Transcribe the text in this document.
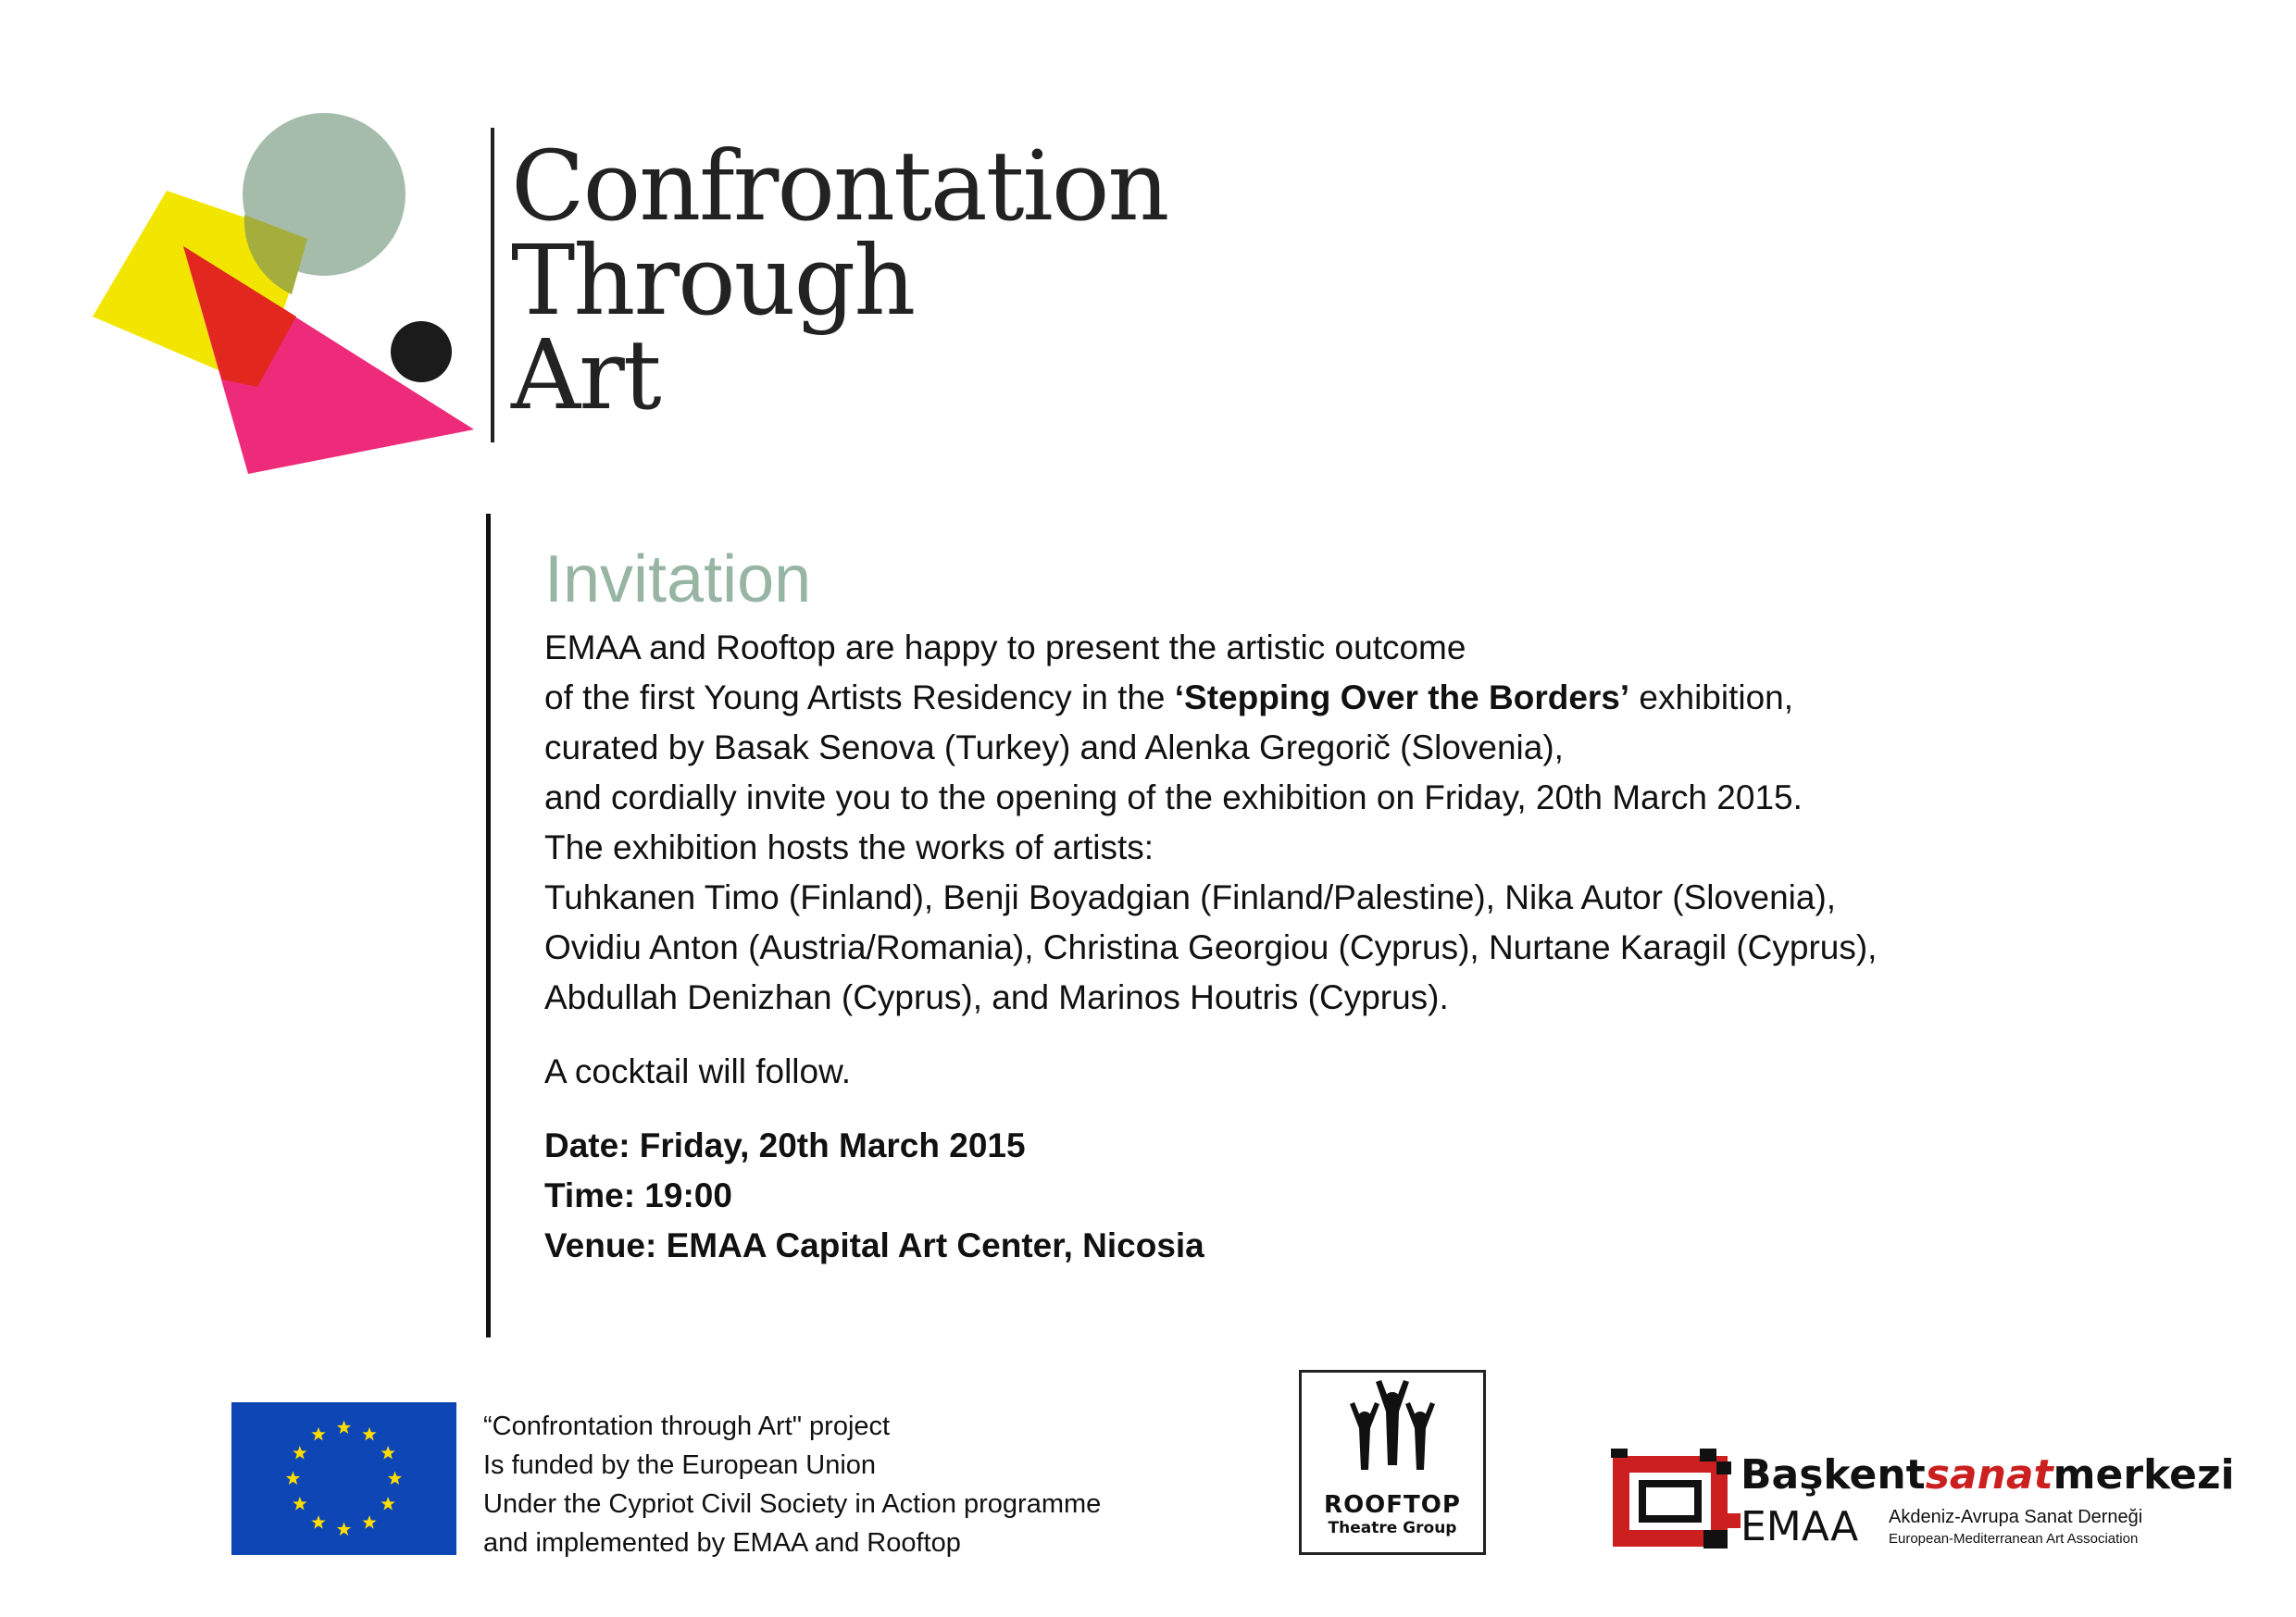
Confrontation
Through
Art
Invitation
EMAA and Rooftop are happy to present the artistic outcome
of the first Young Artists Residency in the ‘Stepping Over the Borders’ exhibition,
curated by Basak Senova (Turkey) and Alenka Gregorič (Slovenia),
and cordially invite you to the opening of the exhibition on Friday, 20th March 2015.
The exhibition hosts the works of artists:
Tuhkanen Timo (Finland), Benji Boyadgian (Finland/Palestine), Nika Autor (Slovenia),
Ovidiu Anton (Austria/Romania), Christina Georgiou (Cyprus), Nurtane Karagil (Cyprus),
Abdullah Denizhan (Cyprus), and Marinos Houtris (Cyprus).
A cocktail will follow.
Date: Friday, 20th March 2015
Time: 19:00
Venue: EMAA Capital Art Center, Nicosia
“Confrontation through Art" project
Is funded by the European Union
Under the Cypriot Civil Society in Action programme
and implemented by EMAA and Rooftop
ROOFTOP
Theatre Group
Başkentsanatmerkezi
EMAA Akdeniz-Avrupa Sanat Derneği
European-Mediterranean Art Association
